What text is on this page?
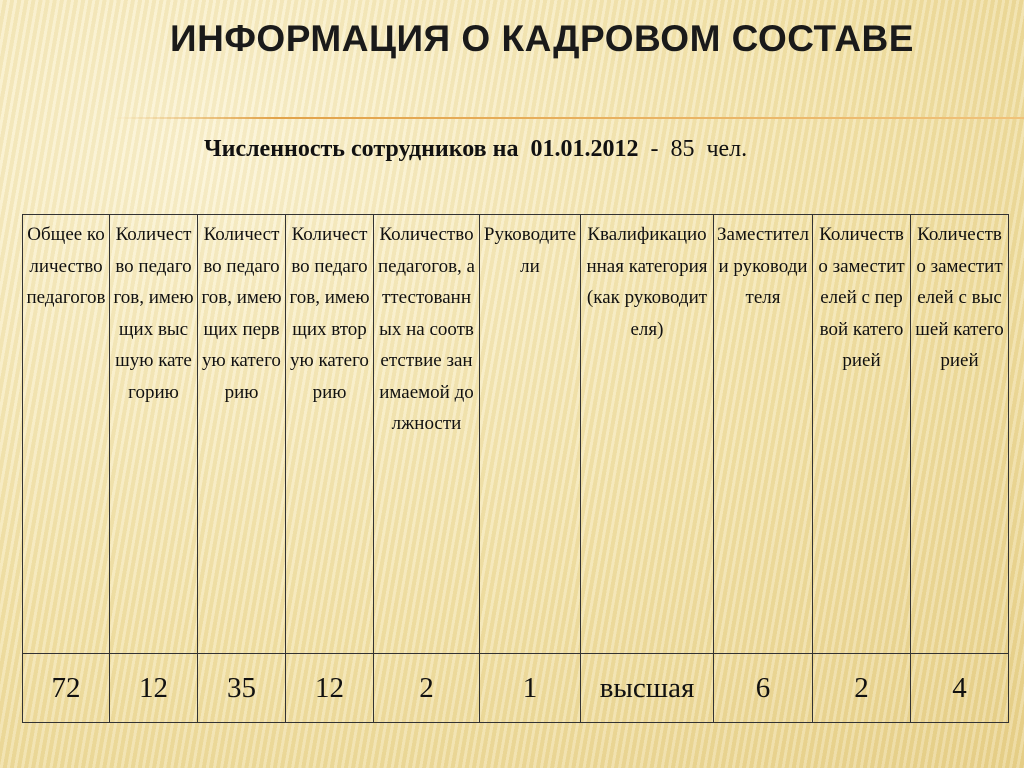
ИНФОРМАЦИЯ О КАДРОВОМ СОСТАВЕ
Численность сотрудников на  01.01.2012 - 85 чел.
Общее количество педагогов	Количество педагогов, имеющих высшую категорию	Количество педагогов, имеющих первую категорию	Количество педагогов, имеющих вторую категорию	Количество педагогов, аттестованных на соответствие занимаемой должности	Руководители	Квалификационная категория (как руководителя)	Заместители руководителя	Количество заместителей с первой категорией	Количество заместителей с высшей категорией
72	12	35	12	2	1	высшая	6	2	4
